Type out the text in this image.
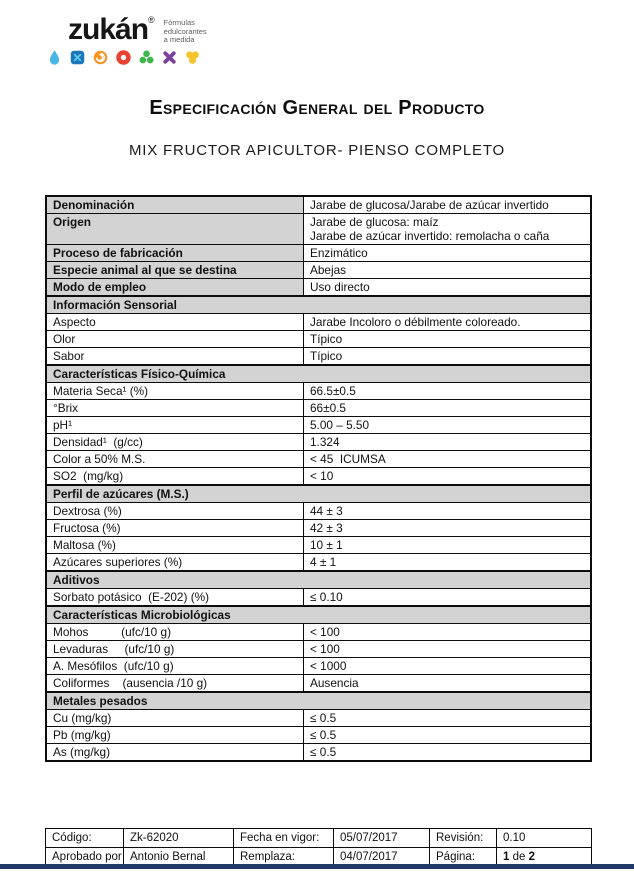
zukán ® Fórmulas
edulcorantes
a medida
Especificación General del Producto
MIX FRUCTOR APICULTOR- PIENSO COMPLETO
Denominación	Jarabe de glucosa/Jarabe de azúcar invertido
Origen	Jarabe de glucosa: maíz
Jarabe de azúcar invertido: remolacha o caña
Proceso de fabricación	Enzimático
Especie animal al que se destina	Abejas
Modo de empleo	Uso directo
Información Sensorial
Aspecto	Jarabe Incoloro o débilmente coloreado.
Olor	Típico
Sabor	Típico
Características Físico-Química
Materia Seca¹ (%)	66.5±0.5
°Brix	66±0.5
pH¹	5.00 – 5.50
Densidad¹  (g/cc)	1.324
Color a 50% M.S.	< 45  ICUMSA
SO2  (mg/kg)	< 10
Perfil de azúcares (M.S.)
Dextrosa (%)	44 ± 3
Fructosa (%)	42 ± 3
Maltosa (%)	10 ± 1
Azúcares superiores (%)	4 ± 1
Aditivos
Sorbato potásico  (E-202) (%)	≤ 0.10
Características Microbiológicas
Mohos          (ufc/10 g)	< 100
Levaduras     (ufc/10 g)	< 100
A. Mesófilos  (ufc/10 g)	< 1000
Coliformes    (ausencia /10 g)	Ausencia
Metales pesados
Cu (mg/kg)	≤ 0.5
Pb (mg/kg)	≤ 0.5
As (mg/kg)	≤ 0.5
Código:	Zk-62020	Fecha en vigor:	05/07/2017	Revisión:	0.10
Aprobado por Antonio Bernal	Remplaza:	04/07/2017	Página:	1 de 2
